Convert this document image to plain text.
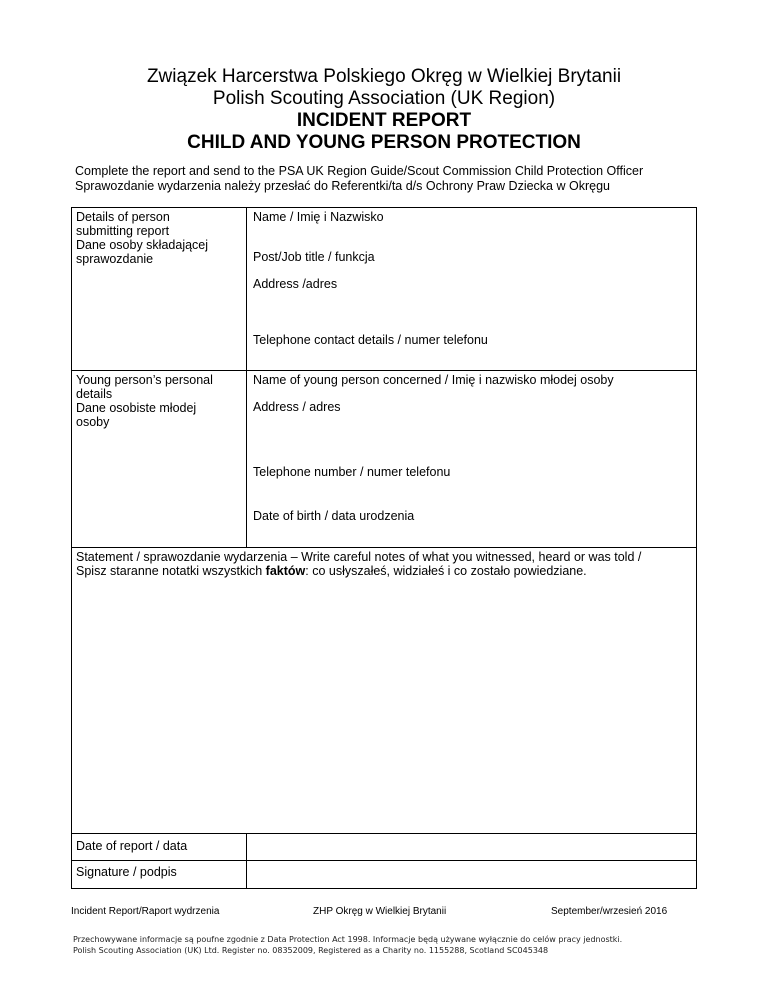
Związek Harcerstwa Polskiego Okręg w Wielkiej Brytanii
Polish Scouting Association (UK Region)
INCIDENT REPORT
CHILD AND YOUNG PERSON PROTECTION
Complete the report and send to the PSA UK Region Guide/Scout Commission Child Protection Officer
Sprawozdanie wydarzenia należy przesłać do Referentki/ta d/s Ochrony Praw Dziecka w Okręgu
Details of person
submitting report
Dane osoby składającej
sprawozdanie
Name / Imię i Nazwisko
Post/Job title / funkcja
Address /adres
Telephone contact details / numer telefonu
Young person’s personal
details
Dane osobiste młodej
osoby
Name of young person concerned / Imię i nazwisko młodej osoby
Address / adres
Telephone number / numer telefonu
Date of birth / data urodzenia
Statement / sprawozdanie wydarzenia – Write careful notes of what you witnessed, heard or was told /
Spisz staranne notatki wszystkich faktów: co usłyszałeś, widziałeś i co zostało powiedziane.
Date of report / data
Signature / podpis
Incident Report/Raport wydrzenia	ZHP Okręg w Wielkiej Brytanii	September/wrzesień 2016
Przechowywane informacje są poufne zgodnie z Data Protection Act 1998. Informacje będą używane wyłącznie do celów pracy jednostki.
Polish Scouting Association (UK) Ltd. Register no. 08352009, Registered as a Charity no. 1155288, Scotland SC045348
